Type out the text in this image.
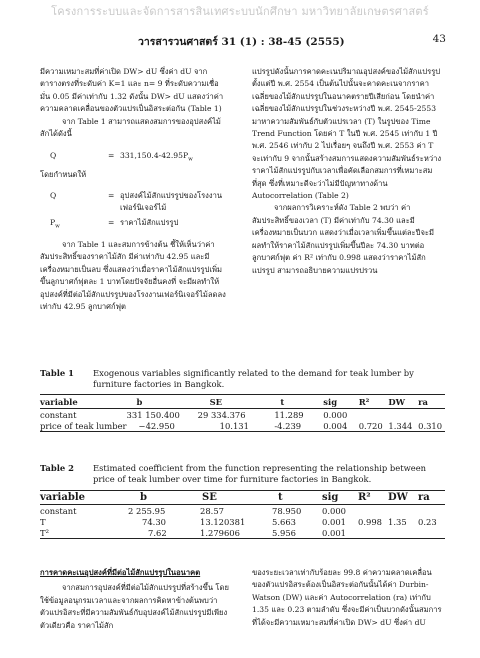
โครงการระบบและจัดการสารสินเทศระบบนักศึกษา มหาวิทยาลัยเกษตรศาสตร์
วารสารวนศาสตร์ 31 (1) : 38-45 (2555)	43

มีความเหมาะสมที่ค่าเปิด DW> dU ซึ่งค่า dU จากตารางตรงที่ระดับค่า K=1 และ n= 9 ที่ระดับความเชื่อมั่น 0.05 มีค่าเท่ากับ 1.32 ดังนั้น DW> dU แสดงว่าค่าความคลาดเคลื่อนของตัวแปรเป็นอิสระต่อกัน (Table 1)

จาก Table 1 สามารถแสดงสมการของอุปสงค์ไม้สักได้ดังนี้

Q	= $331,150.4-42.95P_w$

โดยกำหนดให้

Q	= อุปสงค์ไม้สักแปรรูปของโรงงานเฟอร์นิเจอร์ไม้
$P_w$	= ราคาไม้สักแปรรูป

จาก Table 1 และสมการข้างต้น ชี้ให้เห็นว่าค่าสัมประสิทธิ์ของราคาไม้สัก มีค่าเท่ากับ 42.95 และมีเครื่องหมายเป็นลบ ซึ่งแสดงว่าเมื่อราคาไม้สักแปรรูปเพิ่มขึ้นลูกบาศก์ฟุตละ 1 บาทโดยปัจจัยอื่นคงที่ จะมีผลทำให้อุปสงค์ที่มีต่อไม้สักแปรรูปของโรงงานเฟอร์นิเจอร์ไม้ลดลงเท่ากับ 42.95 ลูกบาศก์ฟุต

แปรรูปดังนั้นการคาดคะเนปริมาณอุปสงค์ของไม้สักแปรรูป ตั้งแต่ปี พ.ศ. 2554 เป็นต้นไปนั้นจะคาดคะเนจากราคาเฉลี่ยของไม้สักแปรรูปในอนาคตรายปีเสียก่อน โดยนำค่าเฉลี่ยของไม้สักแปรรูปในช่วงระหว่างปี พ.ศ. 2545-2553 มาหาความสัมพันธ์กับตัวแปรเวลา (T) ในรูปของ Time Trend Function โดยค่า T ในปี พ.ศ. 2545 เท่ากับ 1 ปี พ.ศ. 2546 เท่ากับ 2 ไปเรื่อยๆ จนถึงปี พ.ศ. 2553 ค่า T จะเท่ากับ 9 จากนั้นสร้างสมการแสดงความสัมพันธ์ระหว่างราคาไม้สักแปรรูปกับเวลาเพื่อคัดเลือกสมการที่เหมาะสมที่สุด ซึ่งที่เหมาะดีจะว่าไม่มีปัญหาทางด้าน Autocorrelation (Table 2)

จากผลการวิเคราะห์ดัง Table 2 พบว่า ค่าสัมประสิทธิ์ของเวลา (T) มีค่าเท่ากับ 74.30 และมีเครื่องหมายเป็นบวก แสดงว่าเมื่อเวลาเพิ่มขึ้นแต่ละปีจะมีผลทำให้ราคาไม้สักแปรรูปเพิ่มขึ้นปีละ 74.30 บาทต่อลูกบาศก์ฟุต ค่า R² เท่ากับ 0.998 แสดงว่าราคาไม้สักแปรรูป สามารถอธิบายความแปรปรวน

Table 1 Exogenous variables significantly related to the demand for teak lumber by furniture factories in Bangkok.
variable	b	SE	t	sig	R²	DW	ra
constant	331 150.400	29 334.376	11.289	0.000			
price of teak lumber	−42.950	10.131	-4.239	0.004	0.720	1.344	0.310
Table 2 Estimated coefficient from the function representing the relationship between price of teak lumber over time for furniture factories in Bangkok.
variable	b	SE	t	sig	R²	DW	ra
constant	2 255.95	28.57	78.950	0.000			
T	74.30	13.120381	5.663	0.001	0.998	1.35	0.23
T²	7.62	1.279606	5.956	0.001			

การคาดคะเนอุปสงค์ที่มีต่อไม้สักแปรรูปในอนาคต

จากสมการอุปสงค์ที่มีต่อไม้สักแปรรูปที่สร้างขึ้น โดยใช้ข้อมูลอนุกรมเวลาและจากผลการคิดหาข้างต้นพบว่า ตัวแปรอิสระที่มีความสัมพันธ์กับอุปสงค์ไม้สักแปรรูปมีเพียงตัวเดียวคือ ราคาไม้สัก

ของระยะเวลาเท่ากับร้อยละ 99.8 ค่าความคลาดเคลื่อนของตัวแปรอิสระต้องเป็นอิสระต่อกันนั้นได้ค่า Durbin-Watson (DW) และค่า Autocorrelation (ra) เท่ากับ 1.35 และ 0.23 ตามลำดับ ซึ่งจะมีค่าเป็นบวกดังนั้นสมการที่ได้จะมีความเหมาะสมที่ค่าเปิด DW> dU ซึ่งค่า dU
